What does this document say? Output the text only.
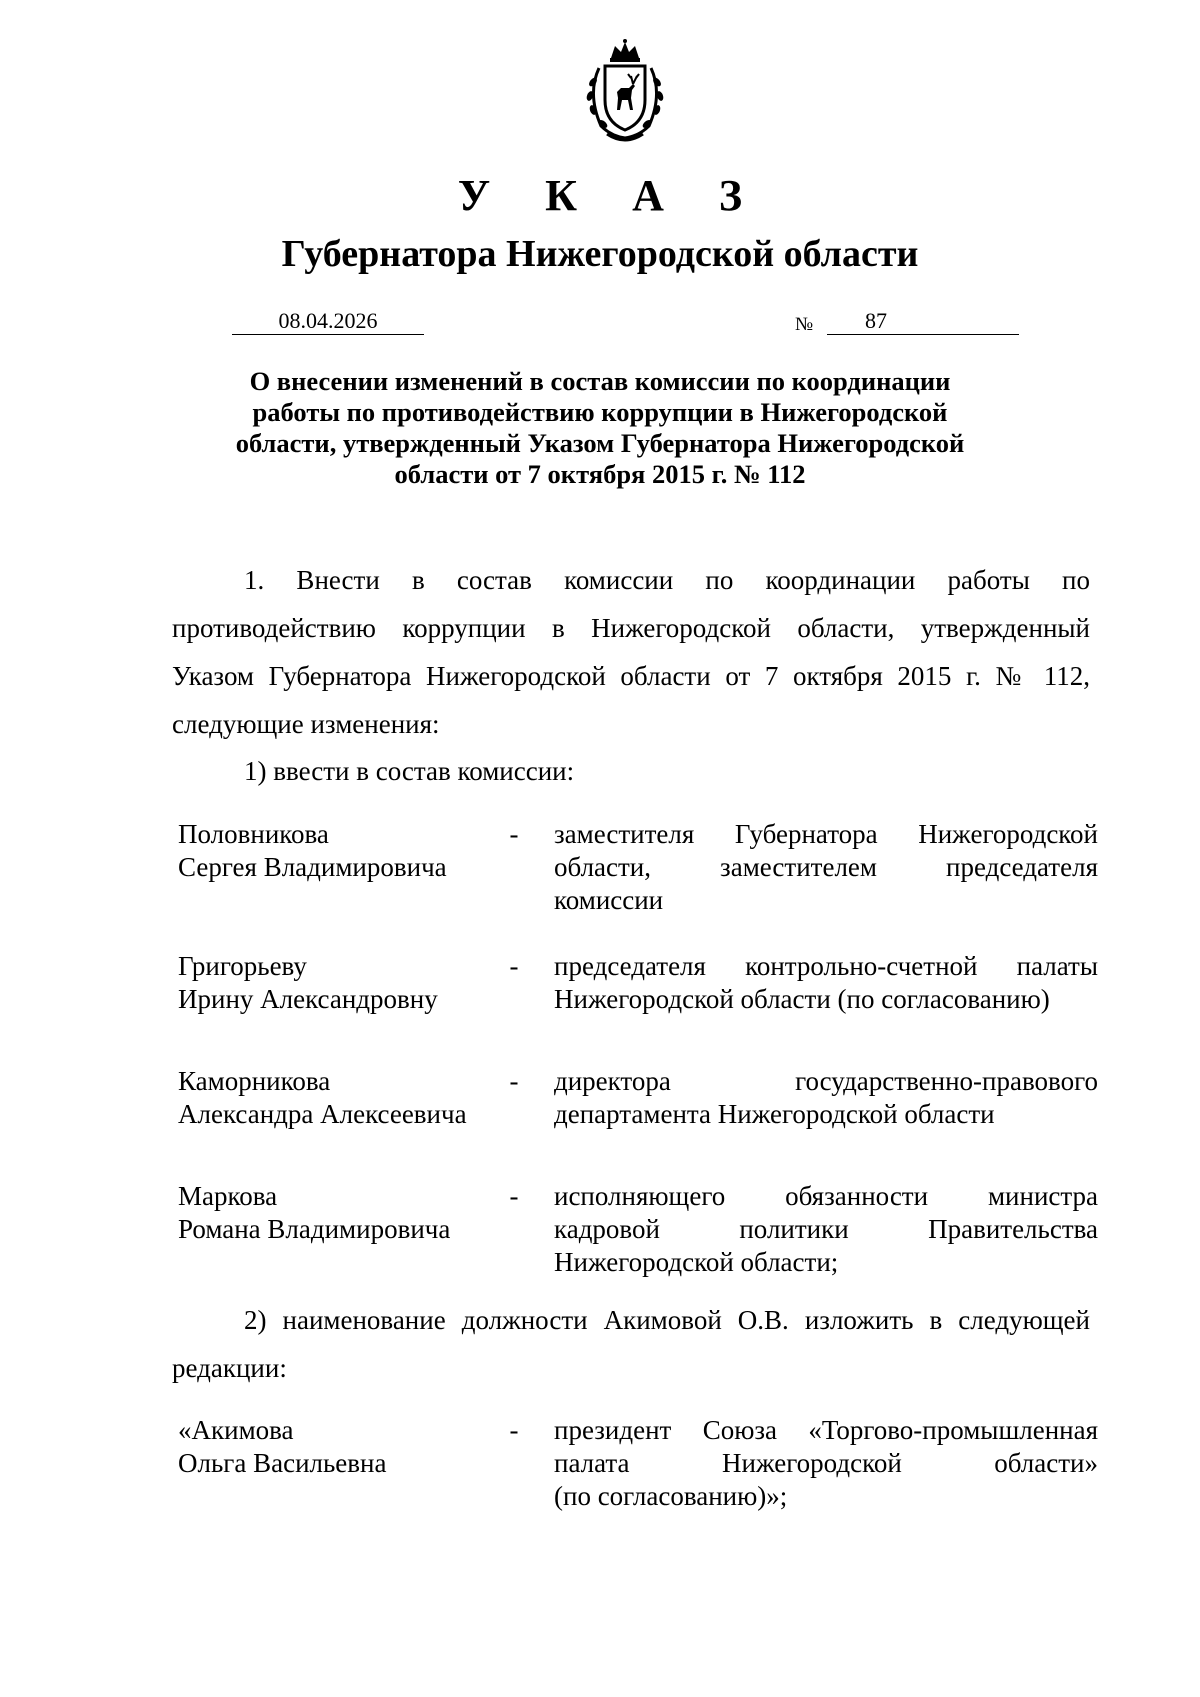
У К А З
Губернатора Нижегородской области
08.04.2026	№	87
О внесении изменений в состав комиссии по координации
работы по противодействию коррупции в Нижегородской
области, утвержденный Указом Губернатора Нижегородской
области от 7 октября 2015 г. № 112
1. Внести в состав комиссии по координации работы по
противодействию коррупции в Нижегородской области, утвержденный
Указом Губернатора Нижегородской области от 7 октября 2015 г. № 112,
следующие изменения:
1) ввести в состав комиссии:
Половникова
Сергея Владимировича
- заместителя Губернатора Нижегородской
области, заместителем председателя
комиссии
Григорьеву
Ирину Александровну
- председателя контрольно-счетной палаты
Нижегородской области (по согласованию)
Каморникова
Александра Алексеевича
- директора государственно-правового
департамента Нижегородской области
Маркова
Романа Владимировича
- исполняющего обязанности министра
кадровой политики Правительства
Нижегородской области;
2) наименование должности Акимовой О.В. изложить в следующей
редакции:
«Акимова
Ольга Васильевна
- президент Союза «Торгово-промышленная
палата Нижегородской области»
(по согласованию)»;
